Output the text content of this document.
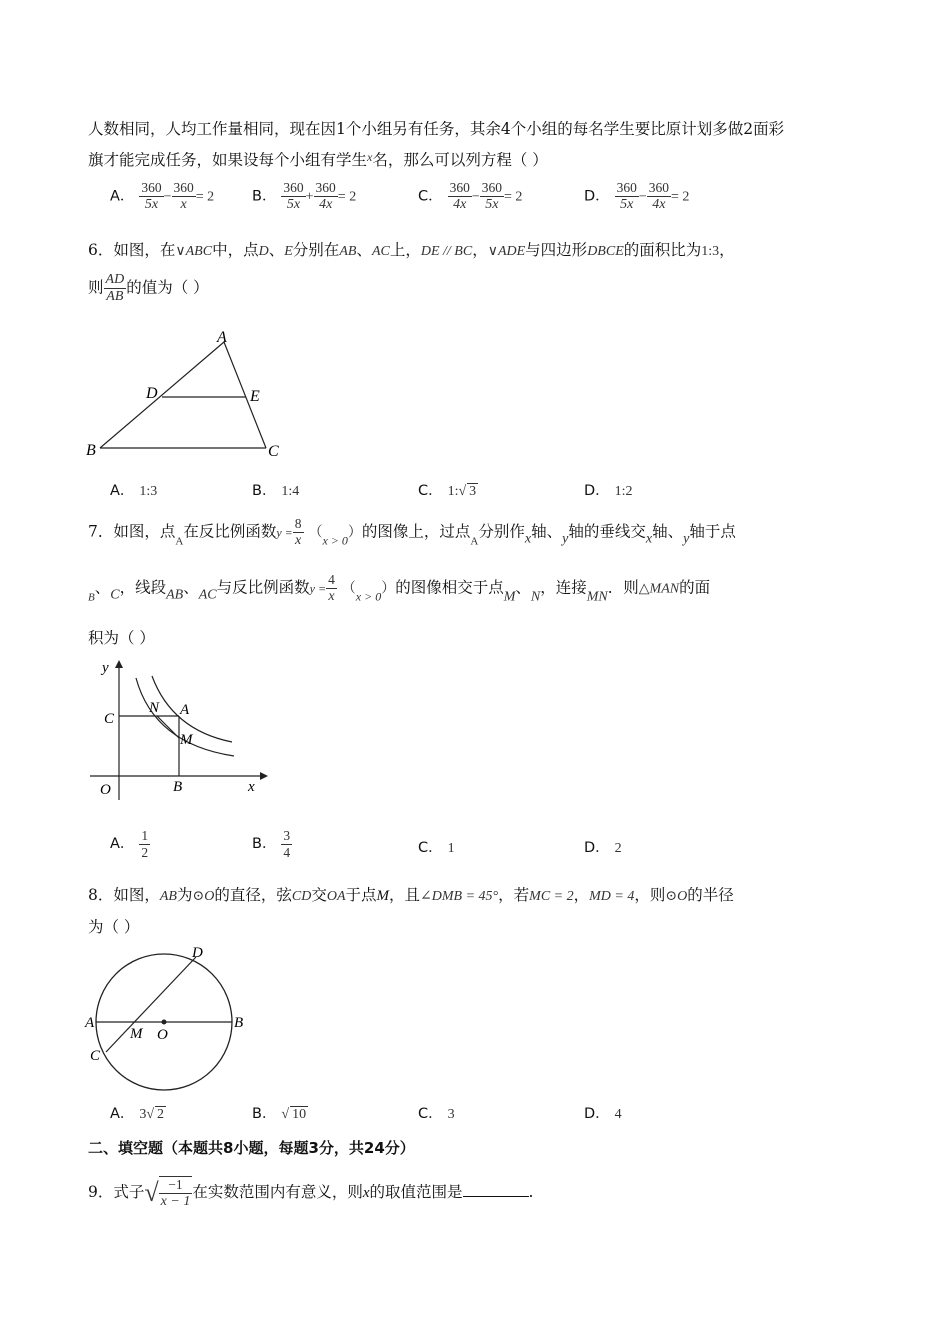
人数相同，人均工作量相同，现在因1个小组另有任务，其余4个小组的每名学生要比原计划多做2面彩
旗才能完成任务，如果设每个小组有学生$^x$名，那么可以列方程（ ）
A． $\frac{360}{5x} - \frac{360}{x} = 2$	B． $\frac{360}{5x} + \frac{360}{4x} = 2$	C． $\frac{360}{4x} - \frac{360}{5x} = 2$	D． $\frac{360}{5x} - \frac{360}{4x} = 2$
6．如图，在∨ABC中，点D、E分别在AB、AC上，DE // BC，∨ADE与四边形DBCE的面积比为1:3，
则 $\frac{AD}{AB}$ 的值为（ ）
A
D	E
B	C
A． 1:3	B． 1:4	C． 1:√ 3	D． 1:2
7．如图，点$_A$在反比例函数$y = \frac{8}{x} (_{x > 0})$的图像上，过点$_A$分别作x轴、y轴的垂线交x轴、y轴于点
$_B$、C，线段AB、AC与反比例函数$y = \frac{4}{x} (_{x > 0})$的图像相交于点M、N，连接MN．则△MAN的面
积为（ ）
y
x
O	B
C
N A
M
A． $\frac{1}{2}$	B． $\frac{3}{4}$	C． 1	D． 2
8．如图，AB为⊙O的直径，弦CD交OA于点M，且∠DMB = 45°，若MC = 2，MD = 4，则⊙O的半径
为（ ）
A	B
C
D
M O
A． 3√ 2	B． √ 10	C． 3	D． 4
二、填空题（本题共8小题，每题3分，共24分）
9．式子√ $\frac{-1}{x - 1}$ 在实数范围内有意义，则x的取值范围是	.
